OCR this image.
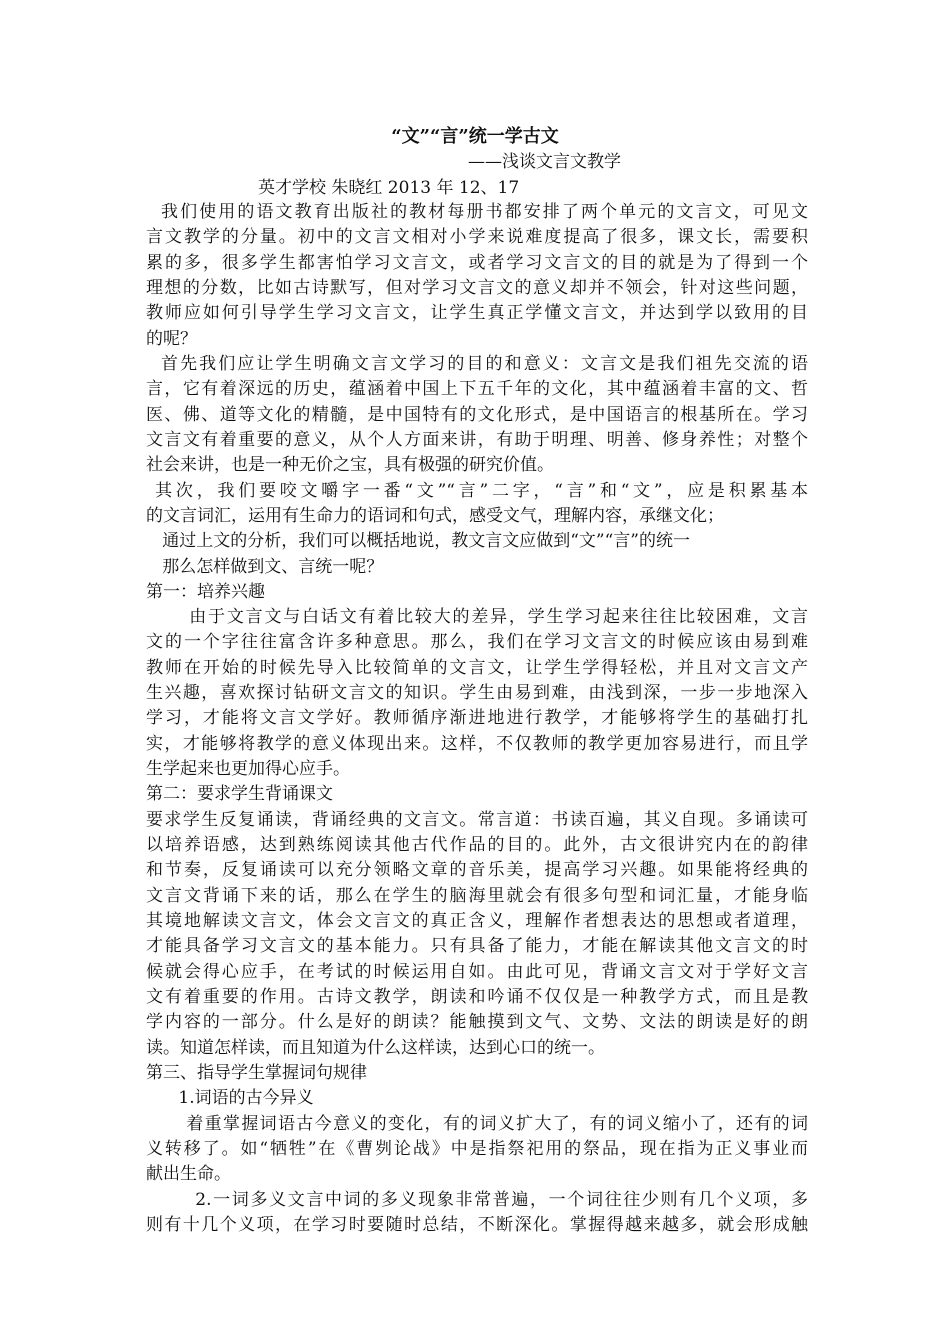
“文”“言”统一学古文
——浅谈文言文教学
英才学校 朱晓红 2013 年 12、17
我们使用的语文教育出版社的教材每册书都安排了两个单元的文言文，可见文
言文教学的分量。初中的文言文相对小学来说难度提高了很多，课文长，需要积
累的多，很多学生都害怕学习文言文，或者学习文言文的目的就是为了得到一个
理想的分数，比如古诗默写，但对学习文言文的意义却并不领会，针对这些问题，
教师应如何引导学生学习文言文，让学生真正学懂文言文，并达到学以致用的目
的呢？
首先我们应让学生明确文言文学习的目的和意义：文言文是我们祖先交流的语
言，它有着深远的历史，蕴涵着中国上下五千年的文化，其中蕴涵着丰富的文、哲
医、佛、道等文化的精髓，是中国特有的文化形式，是中国语言的根基所在。学习
文言文有着重要的意义，从个人方面来讲，有助于明理、明善、修身养性；对整个
社会来讲，也是一种无价之宝，具有极强的研究价值。
其次，我们要咬文嚼字一番“文”“言”二字，“言”和“文”，应是积累基本
的文言词汇，运用有生命力的语词和句式，感受文气，理解内容，承继文化；
通过上文的分析，我们可以概括地说，教文言文应做到“文”“言”的统一
那么怎样做到文、言统一呢？
第一：培养兴趣
由于文言文与白话文有着比较大的差异，学生学习起来往往比较困难，文言
文的一个字往往富含许多种意思。那么，我们在学习文言文的时候应该由易到难
教师在开始的时候先导入比较简单的文言文，让学生学得轻松，并且对文言文产
生兴趣，喜欢探讨钻研文言文的知识。学生由易到难，由浅到深，一步一步地深入
学习，才能将文言文学好。教师循序渐进地进行教学，才能够将学生的基础打扎
实，才能够将教学的意义体现出来。这样，不仅教师的教学更加容易进行，而且学
生学起来也更加得心应手。
第二：要求学生背诵课文
要求学生反复诵读，背诵经典的文言文。常言道：书读百遍，其义自现。多诵读可
以培养语感，达到熟练阅读其他古代作品的目的。此外，古文很讲究内在的韵律
和节奏，反复诵读可以充分领略文章的音乐美，提高学习兴趣。如果能将经典的
文言文背诵下来的话，那么在学生的脑海里就会有很多句型和词汇量，才能身临
其境地解读文言文，体会文言文的真正含义，理解作者想表达的思想或者道理，
才能具备学习文言文的基本能力。只有具备了能力，才能在解读其他文言文的时
候就会得心应手，在考试的时候运用自如。由此可见，背诵文言文对于学好文言
文有着重要的作用。古诗文教学，朗读和吟诵不仅仅是一种教学方式，而且是教
学内容的一部分。什么是好的朗读？能触摸到文气、文势、文法的朗读是好的朗
读。知道怎样读，而且知道为什么这样读，达到心口的统一。
第三、指导学生掌握词句规律
1.词语的古今异义
着重掌握词语古今意义的变化，有的词义扩大了，有的词义缩小了，还有的词
义转移了。如“牺牲”在《曹刿论战》中是指祭祀用的祭品，现在指为正义事业而
献出生命。
2.一词多义文言中词的多义现象非常普遍，一个词往往少则有几个义项，多
则有十几个义项，在学习时要随时总结，不断深化。掌握得越来越多，就会形成触
